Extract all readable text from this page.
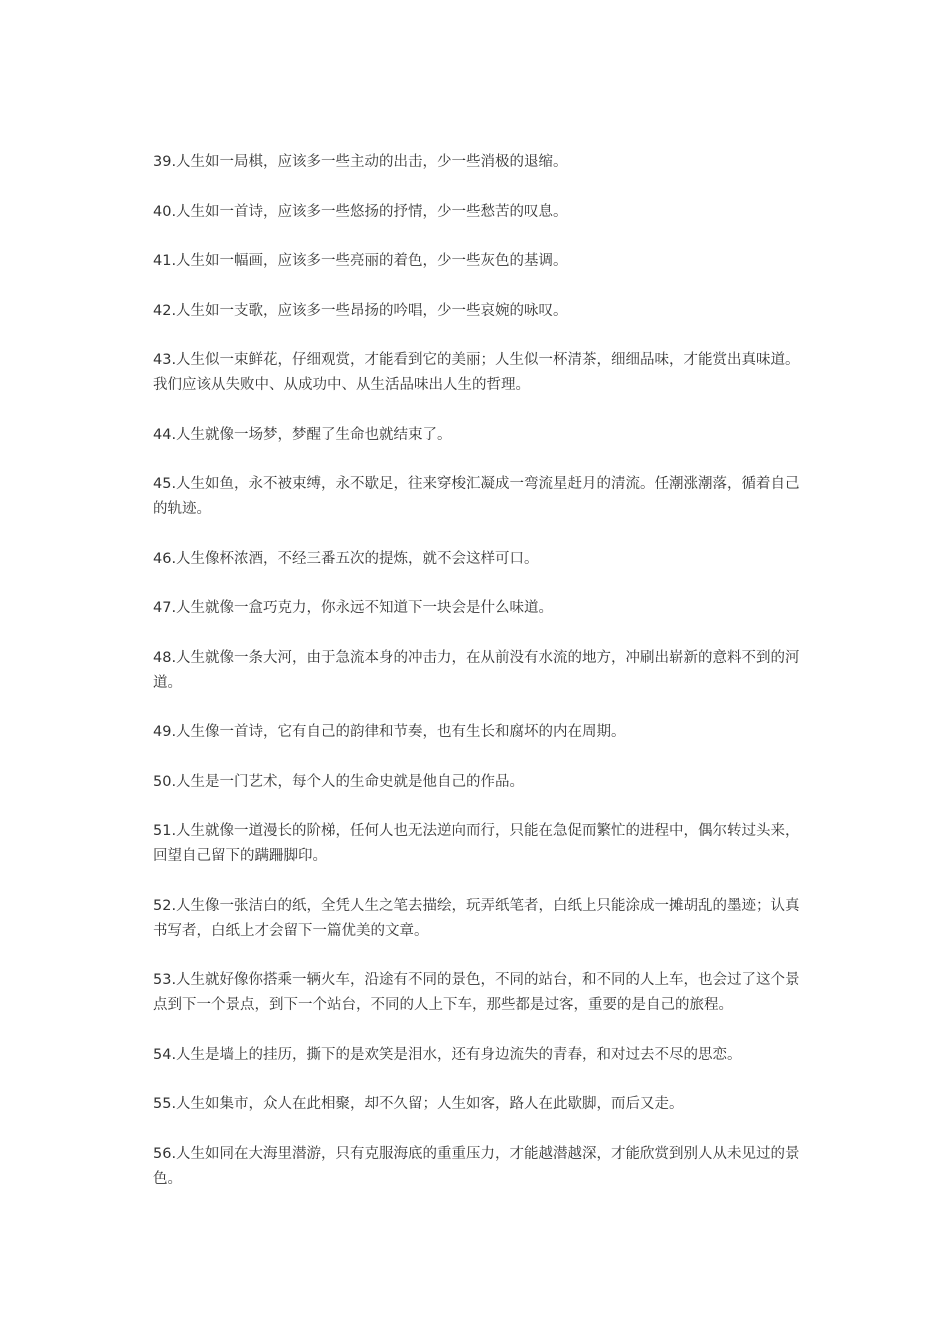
39.人生如一局棋，应该多一些主动的出击，少一些消极的退缩。

40.人生如一首诗，应该多一些悠扬的抒情，少一些愁苦的叹息。

41.人生如一幅画，应该多一些亮丽的着色，少一些灰色的基调。

42.人生如一支歌，应该多一些昂扬的吟唱，少一些哀婉的咏叹。

43.人生似一束鲜花，仔细观赏，才能看到它的美丽；人生似一杯清茶，细细品味，才能赏出真味道。我们应该从失败中、从成功中、从生活品味出人生的哲理。

44.人生就像一场梦，梦醒了生命也就结束了。

45.人生如鱼，永不被束缚，永不歇足，往来穿梭汇凝成一弯流星赶月的清流。任潮涨潮落，循着自己的轨迹。

46.人生像杯浓酒，不经三番五次的提炼，就不会这样可口。

47.人生就像一盒巧克力，你永远不知道下一块会是什么味道。

48.人生就像一条大河，由于急流本身的冲击力，在从前没有水流的地方，冲刷出崭新的意料不到的河道。

49.人生像一首诗，它有自己的韵律和节奏，也有生长和腐坏的内在周期。

50.人生是一门艺术，每个人的生命史就是他自己的作品。

51.人生就像一道漫长的阶梯，任何人也无法逆向而行，只能在急促而繁忙的进程中，偶尔转过头来，回望自己留下的蹒跚脚印。

52.人生像一张洁白的纸，全凭人生之笔去描绘，玩弄纸笔者，白纸上只能涂成一摊胡乱的墨迹；认真书写者，白纸上才会留下一篇优美的文章。

53.人生就好像你搭乘一辆火车，沿途有不同的景色，不同的站台，和不同的人上车，也会过了这个景点到下一个景点，到下一个站台，不同的人上下车，那些都是过客，重要的是自己的旅程。

54.人生是墙上的挂历，撕下的是欢笑是泪水，还有身边流失的青春，和对过去不尽的思恋。

55.人生如集市，众人在此相聚，却不久留；人生如客，路人在此歇脚，而后又走。

56.人生如同在大海里潜游，只有克服海底的重重压力，才能越潜越深，才能欣赏到别人从未见过的景色。
